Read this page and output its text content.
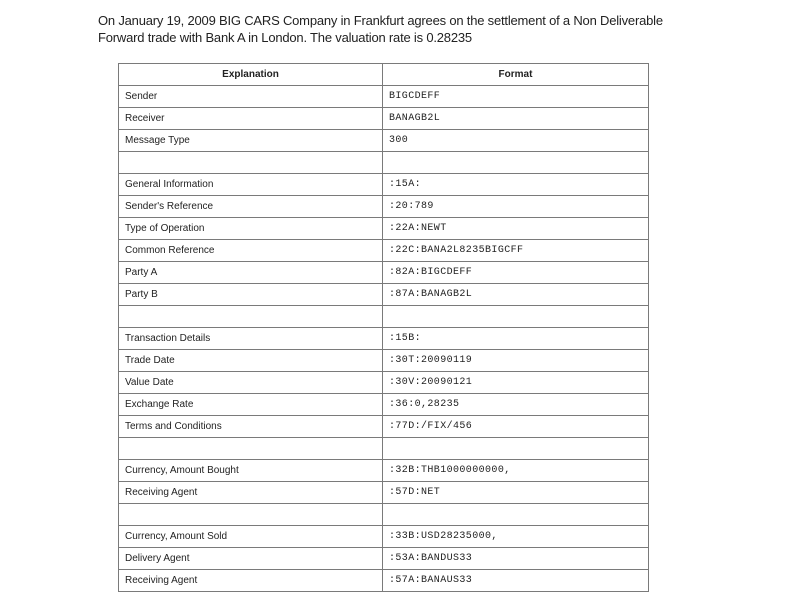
On January 19, 2009 BIG CARS Company in Frankfurt agrees on the settlement of a Non Deliverable
Forward trade with Bank A in London. The valuation rate is 0.28235
Explanation	Format
Sender	BIGCDEFF
Receiver	BANAGB2L
Message Type	300

General Information	:15A:
Sender's Reference	:20:789
Type of Operation	:22A:NEWT
Common Reference	:22C:BANA2L8235BIGCFF
Party A	:82A:BIGCDEFF
Party B	:87A:BANAGB2L

Transaction Details	:15B:
Trade Date	:30T:20090119
Value Date	:30V:20090121
Exchange Rate	:36:0,28235
Terms and Conditions	:77D:/FIX/456

Currency, Amount Bought	:32B:THB1000000000,
Receiving Agent	:57D:NET

Currency, Amount Sold	:33B:USD28235000,
Delivery Agent	:53A:BANDUS33
Receiving Agent	:57A:BANAUS33
